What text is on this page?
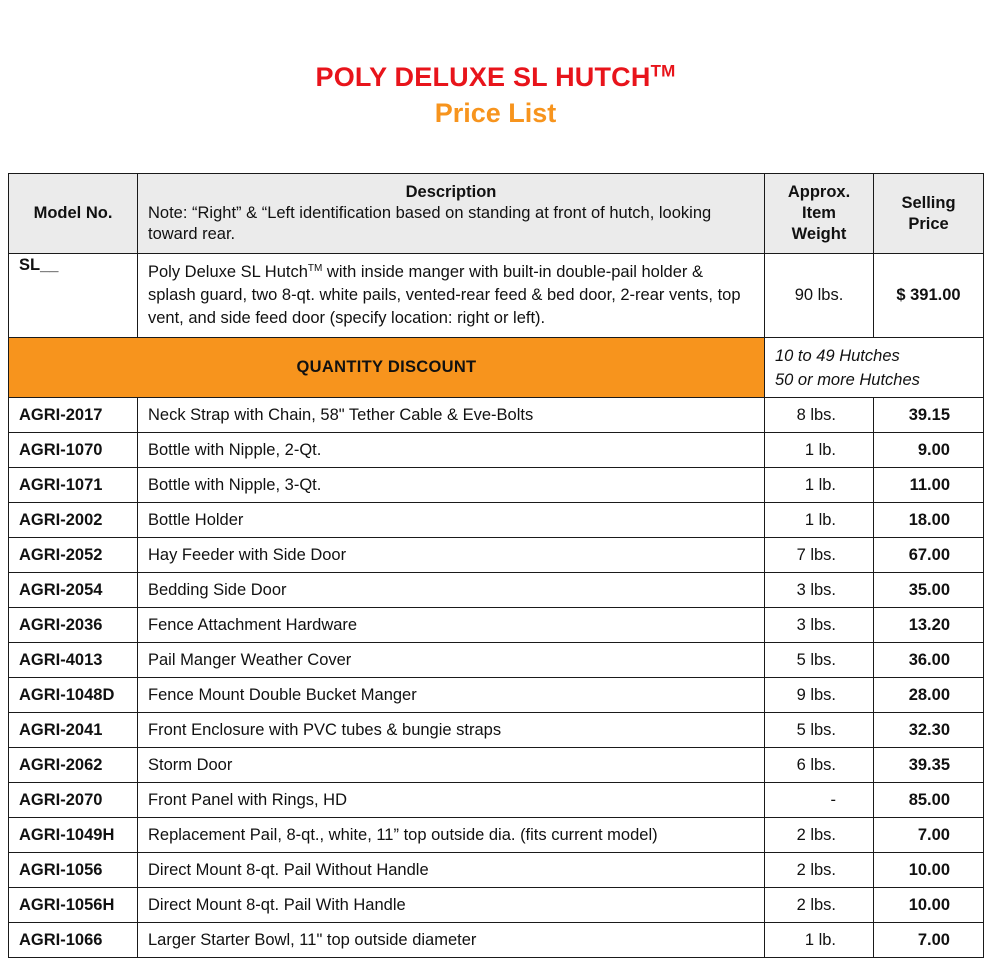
POLY DELUXE SL HUTCH™
Price List
Model No.	Description
Note: “Right” & “Left identification based on standing at front of hutch, looking toward rear.	Approx. Item Weight	Selling Price
SL__	Poly Deluxe SL Hutch™ with inside manger with built-in double-pail holder & splash guard, two 8-qt. white pails, vented-rear feed & bed door, 2-rear vents, top vent, and side feed door (specify location: right or left).	90 lbs.	$ 391.00
QUANTITY DISCOUNT		10 to 49 Hutches
50 or more Hutches	

AGRI-2017	Neck Strap with Chain, 58" Tether Cable & Eve-Bolts	8 lbs.	39.15
AGRI-1070	Bottle with Nipple, 2-Qt.	1 lb.	9.00
AGRI-1071	Bottle with Nipple, 3-Qt.	1 lb.	11.00
AGRI-2002	Bottle Holder	1 lb.	18.00
AGRI-2052	Hay Feeder with Side Door	7 lbs.	67.00
AGRI-2054	Bedding Side Door	3 lbs.	35.00
AGRI-2036	Fence Attachment Hardware	3 lbs.	13.20
AGRI-4013	Pail Manger Weather Cover	5 lbs.	36.00
AGRI-1048D	Fence Mount Double Bucket Manger	9 lbs.	28.00
AGRI-2041	Front Enclosure with PVC tubes & bungie straps	5 lbs.	32.30
AGRI-2062	Storm Door	6 lbs.	39.35
AGRI-2070	Front Panel with Rings, HD	-	85.00
AGRI-1049H	Replacement Pail, 8-qt., white, 11” top outside dia. (fits current model)	2 lbs.	7.00
AGRI-1056	Direct Mount 8-qt. Pail Without Handle	2 lbs.	10.00
AGRI-1056H	Direct Mount 8-qt. Pail With Handle	2 lbs.	10.00
AGRI-1066	Larger Starter Bowl, 11" top outside diameter	1 lb.	7.00
